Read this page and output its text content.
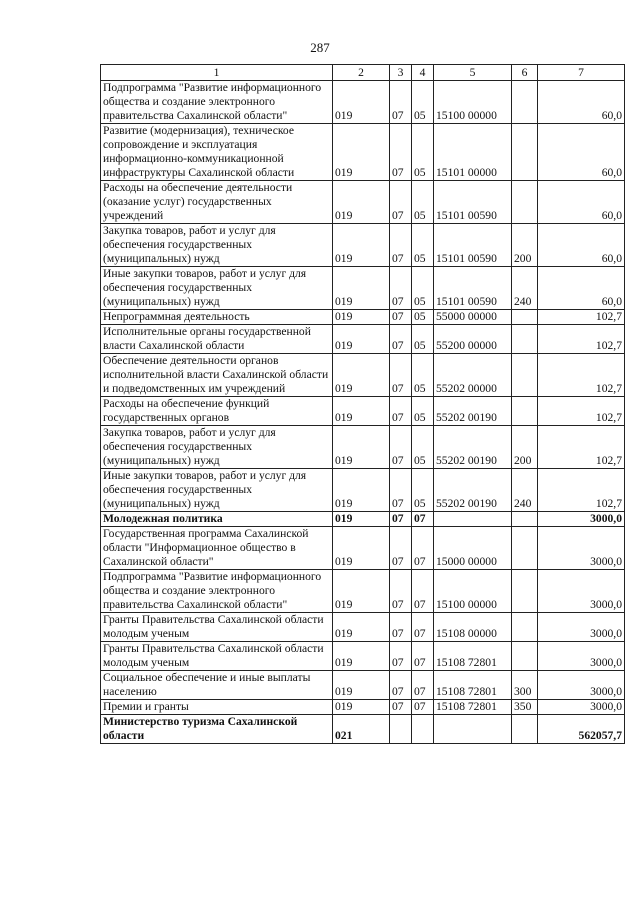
287
1	2	3	4	5	6	7
Подпрограмма "Развитие информационного общества и создание электронного правительства Сахалинской области"	019	07	05	15100 00000		60,0
Развитие (модернизация), техническое сопровождение и эксплуатация информационно-коммуникационной инфраструктуры Сахалинской области	019	07	05	15101 00000		60,0
Расходы на обеспечение деятельности (оказание услуг) государственных учреждений	019	07	05	15101 00590		60,0
Закупка товаров, работ и услуг для обеспечения государственных (муниципальных) нужд	019	07	05	15101 00590	200	60,0
Иные закупки товаров, работ и услуг для обеспечения государственных (муниципальных) нужд	019	07	05	15101 00590	240	60,0
Непрограммная деятельность	019	07	05	55000 00000		102,7
Исполнительные органы государственной власти Сахалинской области	019	07	05	55200 00000		102,7
Обеспечение деятельности органов исполнительной власти Сахалинской области и подведомственных им учреждений	019	07	05	55202 00000		102,7
Расходы на обеспечение функций государственных органов	019	07	05	55202 00190		102,7
Закупка товаров, работ и услуг для обеспечения государственных (муниципальных) нужд	019	07	05	55202 00190	200	102,7
Иные закупки товаров, работ и услуг для обеспечения государственных (муниципальных) нужд	019	07	05	55202 00190	240	102,7
Молодежная политика	019	07	07			3000,0
Государственная программа Сахалинской области "Информационное общество в Сахалинской области"	019	07	07	15000 00000		3000,0
Подпрограмма "Развитие информационного общества и создание электронного правительства Сахалинской области"	019	07	07	15100 00000		3000,0
Гранты Правительства Сахалинской области молодым ученым	019	07	07	15108 00000		3000,0
Гранты Правительства Сахалинской области молодым ученым	019	07	07	15108 72801		3000,0
Социальное обеспечение и иные выплаты населению	019	07	07	15108 72801	300	3000,0
Премии и гранты	019	07	07	15108 72801	350	3000,0
Министерство туризма Сахалинской области	021					562057,7
